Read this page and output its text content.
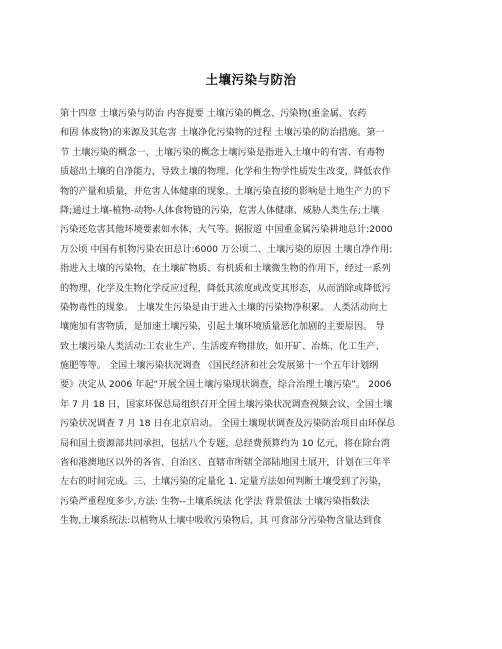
土壤污染与防治
第十四章 土壤污染与防治 内容提要 土壤污染的概念、污染物(重金属、农药
和固 体废物)的来源及其危害 土壤净化污染物的过程 土壤污染的防治措施。第一
节 土壤污染的概念一、土壤污染的概念土壤污染是指进入土壤中的有害、有毒物
质超出土壤的自净能力，导致土壤的物理、化学和生物学性质发生改变，降低农作
物的产量和质量，并危害人体健康的现象。土壤污染直接的影响是土地生产力的下
降;通过土壤-植物-动物-人体食物链的污染，危害人体健康、威胁人类生存;土壤
污染还危害其他环境要素如水体，大气等。据报道 中国重金属污染耕地总计:2000
万公顷 中国有机物污染农田总计:6000 万公顷二、土壤污染的原因 土壤自净作用:
指进入土壤的污染物，在土壤矿物质、有机质和土壤微生物的作用下，经过一系列
的物理、化学及生物化学反应过程，降低其浓度或改变其形态，从而消除或降低污
染物毒性的现象。 土壤发生污染是由于进入土壤的污染物净积累。 人类活动向土
壤施加有害物质，是加速土壤污染，引起土壤环境质量恶化加剧的主要原因。 导
致土壤污染人类活动:工农业生产、生活废弃物排放，如开矿、冶炼、化工生产、
施肥等等。 全国土壤污染状况调查 《国民经济和社会发展第十一个五年计划纲
要》决定从 2006 年起“开展全国土壤污染现状调查，综合治理土壤污染”。 2006
年 7 月 18 日，国家环保总局组织召开全国土壤污染状况调查视频会议，全国土壤
污染状况调查 7 月 18 日在北京启动。 全国土壤现状调查及污染防治项目由环保总
局和国土资源部共同承担，包括八个专题，总经费预算约为 10 亿元，将在除台湾
省和港澳地区以外的各省、自治区、直辖市所辖全部陆地国土展开，计划在三年半
左右的时间完成。三、土壤污染的定量化 1. 定量方法如何判断土壤受到了污染，
污染严重程度多少,方法: 生物--土壤系统法 化学法 背景值法 土壤污染指数法
生物,土壤系统法:以植物从土壤中吸收污染物后，其 可食部分污染物含量达到食
